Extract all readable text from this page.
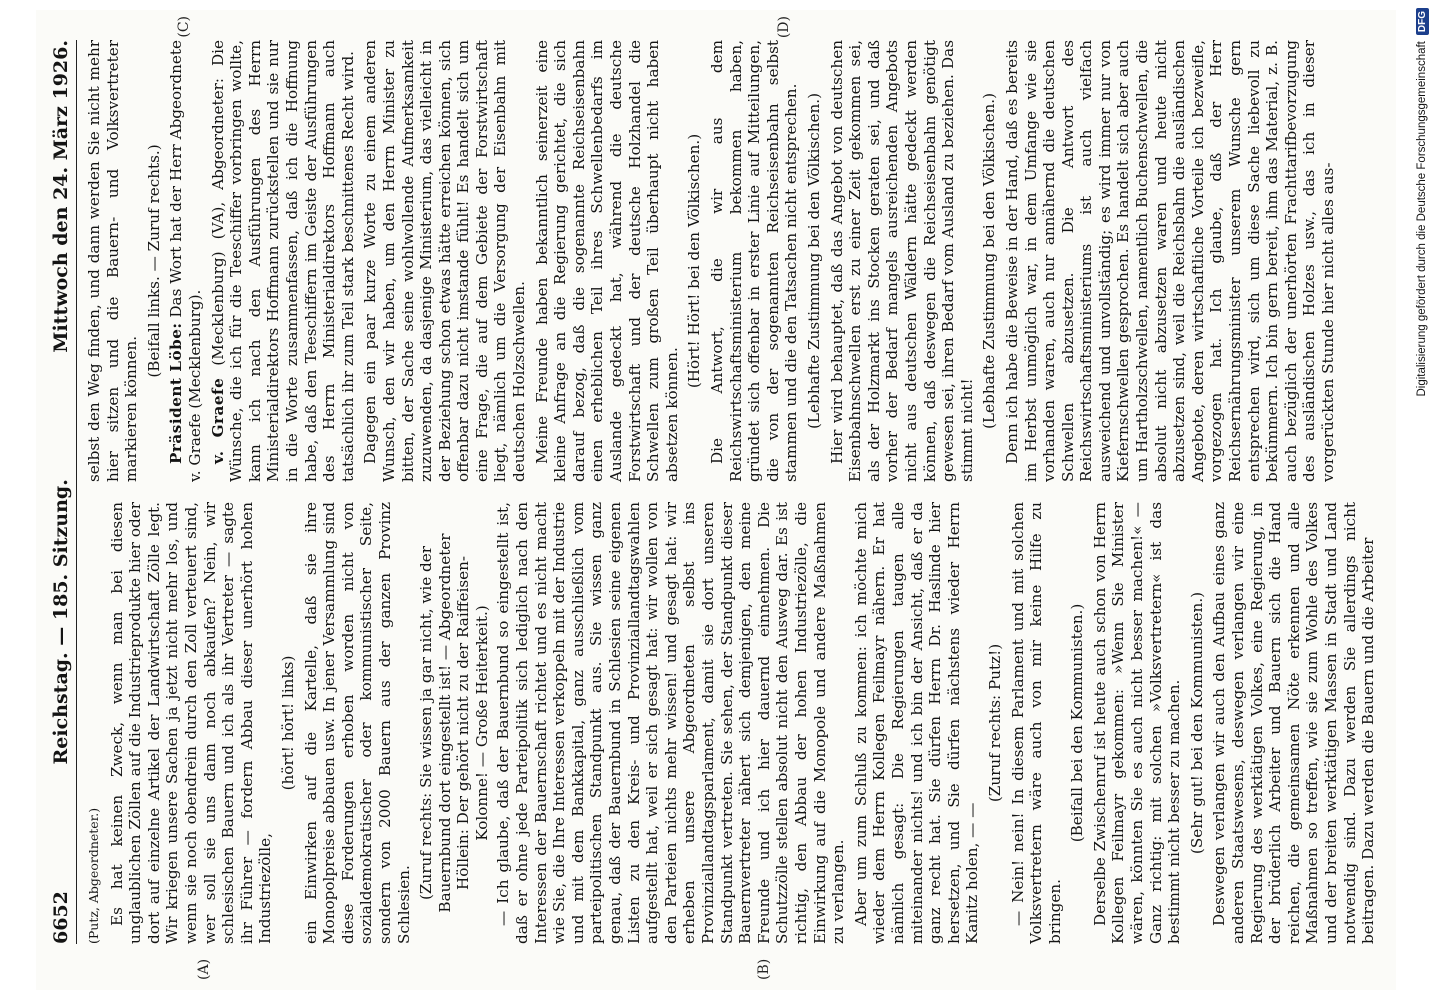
6652
Reichstag. — 185. Sitzung.
Mittwoch den 24. März 1926.
(A)	(B)

(Putz, Abgeordneter.) Es hat keinen Zweck, wenn man bei diesen unglaublichen Zöllen auf die Industrieprodukte hier oder dort auf einzelne Artikel der Landwirtschaft Zölle legt. Wir kriegen unsere Sachen ja jetzt nicht mehr los, und wenn sie noch obendrein durch den Zoll verteuert sind, wer soll sie uns dann noch abkaufen? Nein, wir schlesischen Bauern und ich als ihr Vertreter — sagte ihr Führer — fordern Abbau dieser unerhört hohen Industriezölle,

(hört! hört! links) ein Einwirken auf die Kartelle, daß sie ihre Monopolpreise abbauen usw. In jener Versammlung sind diese Forderungen erhoben worden nicht von sozialdemokratischer oder kommunistischer Seite, sondern von 2000 Bauern aus der ganzen Provinz Schlesien.

(Zuruf rechts: Sie wissen ja gar nicht, wie der Bauernbund dort eingestellt ist! — Abgeordneter Höllein: Der gehört nicht zu der Raiffeisen-Kolonne! — Große Heiterkeit.) — Ich glaube, daß der Bauernbund so eingestellt ist, daß er ohne jede Parteipolitik sich lediglich nach den Interessen der Bauernschaft richtet und es nicht macht wie Sie, die Ihre Interessen verkoppeln mit der Industrie und mit dem Bankkapital, ganz ausschließlich vom parteipolitischen Standpunkt aus. Sie wissen ganz genau, daß der Bauernbund in Schlesien seine eigenen Listen zu den Kreis- und Provinziallandtagswahlen aufgestellt hat, weil er sich gesagt hat: wir wollen von den Parteien nichts mehr wissen! und gesagt hat: wir erheben unsere Abgeordneten selbst ins Provinziallandtagsparlament, damit sie dort unseren Standpunkt vertreten. Sie sehen, der Standpunkt dieser Bauernvertreter nähert sich demjenigen, den meine Freunde und ich hier dauernd einnehmen. Die Schutzzölle stellen absolut nicht den Ausweg dar. Es ist richtig, den Abbau der hohen Industriezölle, die Einwirkung auf die Monopole und andere Maßnahmen zu verlangen. Aber um zum Schluß zu kommen: ich möchte mich wieder dem Herrn Kollegen Feilmayr nähern. Er hat nämlich gesagt: Die Regierungen taugen alle miteinander nichts! und ich bin der Ansicht, daß er da ganz recht hat. Sie dürfen Herrn Dr. Haslinde hier hersetzen, und Sie dürfen nächstens wieder Herrn Kanitz holen, — —

(Zuruf rechts: Putz!) — Nein! nein! In diesem Parlament und mit solchen Volksvertretern wäre auch von mir keine Hilfe zu bringen.

(Beifall bei den Kommunisten.) Derselbe Zwischenruf ist heute auch schon von Herrn Kollegen Feilmayr gekommen: »Wenn Sie Minister wären, könnten Sie es auch nicht besser machen!« — Ganz richtig: mit solchen »Volksvertretern« ist das bestimmt nicht besser zu machen. (Sehr gut! bei den Kommunisten.) Deswegen verlangen wir auch den Aufbau eines ganz anderen Staatswesens, deswegen verlangen wir eine Regierung des werktätigen Volkes, eine Regierung, in der brüderlich Arbeiter und Bauern sich die Hand reichen, die gemeinsamen Nöte erkennen und alle Maßnahmen so treffen, wie sie zum Wohle des Volkes und der breiten werktätigen Massen in Stadt und Land notwendig sind. Dazu werden Sie allerdings nicht beitragen. Dazu werden die Bauern und die Arbeiter

(C)	(D)

selbst den Weg finden, und dann werden Sie nicht mehr hier sitzen und die Bauern- und Volksvertreter markieren können.

(Beifall links. — Zuruf rechts.)

Präsident Löbe: Das Wort hat der Herr Abgeordnete v. Graefe (Mecklenburg). v. Graefe (Mecklenburg) (VA), Abgeordneter: Die Wünsche, die ich für die Teeschiffer vorbringen wollte, kann ich nach den Ausführungen des Herrn Ministerialdirektors Hoffmann zurückstellen und sie nur in die Worte zusammenfassen, daß ich die Hoffnung habe, daß den Teeschiffern im Geiste der Ausführungen des Herrn Ministerialdirektors Hoffmann auch tatsächlich ihr zum Teil stark beschnittenes Recht wird. Dagegen ein paar kurze Worte zu einem anderen Wunsch, den wir haben, um den Herrn Minister zu bitten, der Sache seine wohlwollende Aufmerksamkeit zuzuwenden, da dasjenige Ministerium, das vielleicht in der Beziehung schon etwas hätte erreichen können, sich offenbar dazu nicht imstande fühlt! Es handelt sich um eine Frage, die auf dem Gebiete der Forstwirtschaft liegt, nämlich um die Versorgung der Eisenbahn mit deutschen Holzschwellen. Meine Freunde haben bekanntlich seinerzeit eine kleine Anfrage an die Regierung gerichtet, die sich darauf bezog, daß die sogenannte Reichseisenbahn einen erheblichen Teil ihres Schwellenbedarfs im Auslande gedeckt hat, während die deutsche Forstwirtschaft und der deutsche Holzhandel die Schwellen zum großen Teil überhaupt nicht haben absetzen können.

(Hört! Hört! bei den Völkischen.) Die Antwort, die wir aus dem Reichswirtschaftsministerium bekommen haben, gründet sich offenbar in erster Linie auf Mitteilungen, die von der sogenannten Reichseisenbahn selbst stammen und die den Tatsachen nicht entsprechen. (Lebhafte Zustimmung bei den Völkischen.) Hier wird behauptet, daß das Angebot von deutschen Eisenbahnschwellen erst zu einer Zeit gekommen sei, als der Holzmarkt ins Stocken geraten sei, und daß vorher der Bedarf mangels ausreichenden Angebots nicht aus deutschen Wäldern hätte gedeckt werden können, daß deswegen die Reichseisenbahn genötigt gewesen sei, ihren Bedarf vom Ausland zu beziehen. Das stimmt nicht!

(Lebhafte Zustimmung bei den Völkischen.) Denn ich habe die Beweise in der Hand, daß es bereits im Herbst unmöglich war, in dem Umfange wie sie vorhanden waren, auch nur annähernd die deutschen Schwellen abzusetzen. Die Antwort des Reichswirtschaftsministeriums ist auch vielfach ausweichend und unvollständig; es wird immer nur von Kiefernschwellen gesprochen. Es handelt sich aber auch um Hartholzschwellen, namentlich Buchenschwellen, die absolut nicht abzusetzen waren und heute nicht abzusetzen sind, weil die Reichsbahn die ausländischen Angebote, deren wirtschaftliche Vorteile ich bezweifle, vorgezogen hat. Ich glaube, daß der Herr Reichsernährungsminister unserem Wunsche gern entsprechen wird, sich um diese Sache liebevoll zu bekümmern. Ich bin gern bereit, ihm das Material, z. B. auch bezüglich der unerhörten Frachttarifbevorzugung des ausländischen Holzes usw., das ich in dieser vorgerückten Stunde hier nicht alles aus-	Digitalisierung gefördert durch die Deutsche Forschungsgemeinschaft
DFG
